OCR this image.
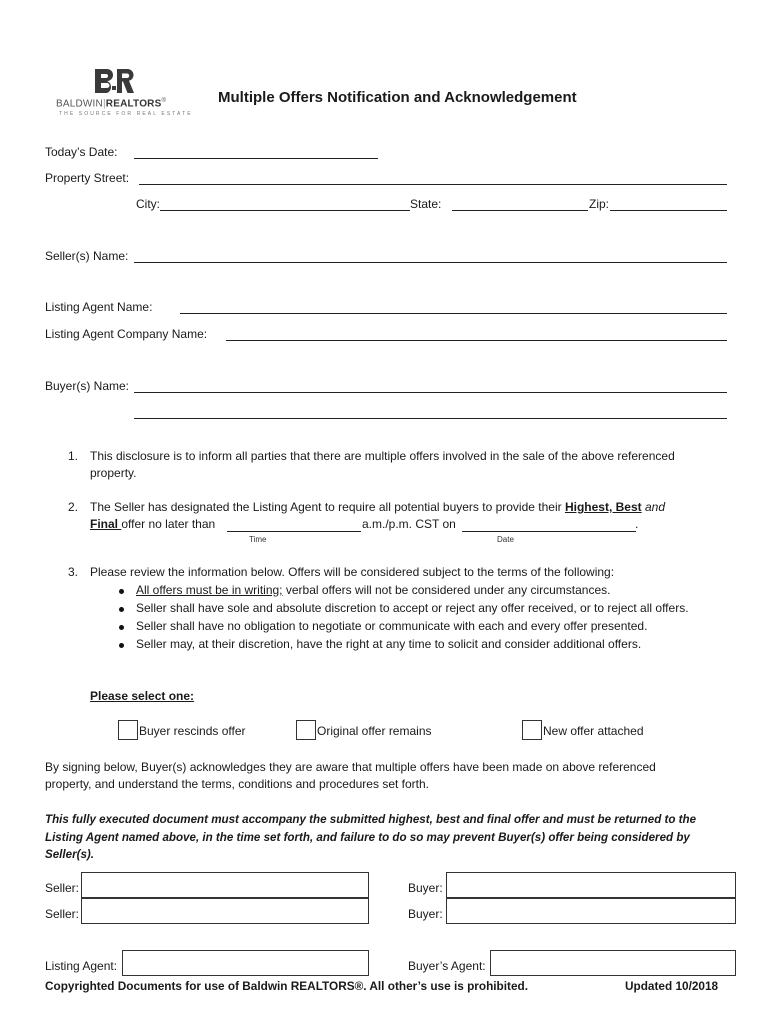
BALDWIN|REALTORS®
THE SOURCE FOR REAL ESTATE
Multiple Offers Notification and Acknowledgement
Today’s Date:
Property Street:
City:	State:	Zip:
Seller(s) Name:
Listing Agent Name:
Listing Agent Company Name:
Buyer(s) Name:
1. This disclosure is to inform all parties that there are multiple offers involved in the sale of the above referenced
property.
2. The Seller has designated the Listing Agent to require all potential buyers to provide their Highest, Best and
Final offer no later than	a.m./p.m. CST on	.
Time	Date
3. Please review the information below. Offers will be considered subject to the terms of the following:
All offers must be in writing; verbal offers will not be considered under any circumstances.
Seller shall have sole and absolute discretion to accept or reject any offer received, or to reject all offers.
Seller shall have no obligation to negotiate or communicate with each and every offer presented.
Seller may, at their discretion, have the right at any time to solicit and consider additional offers.
Please select one:
Buyer rescinds offer	Original offer remains	New offer attached
By signing below, Buyer(s) acknowledges they are aware that multiple offers have been made on above referenced
property, and understand the terms, conditions and procedures set forth.
This fully executed document must accompany the submitted highest, best and final offer and must be returned to the
Listing Agent named above, in the time set forth, and failure to do so may prevent Buyer(s) offer being considered by
Seller(s).
Seller:	Buyer:
Seller:	Buyer:
Listing Agent:	Buyer’s Agent:
Copyrighted Documents for use of Baldwin REALTORS®. All other’s use is prohibited.	Updated 10/2018
